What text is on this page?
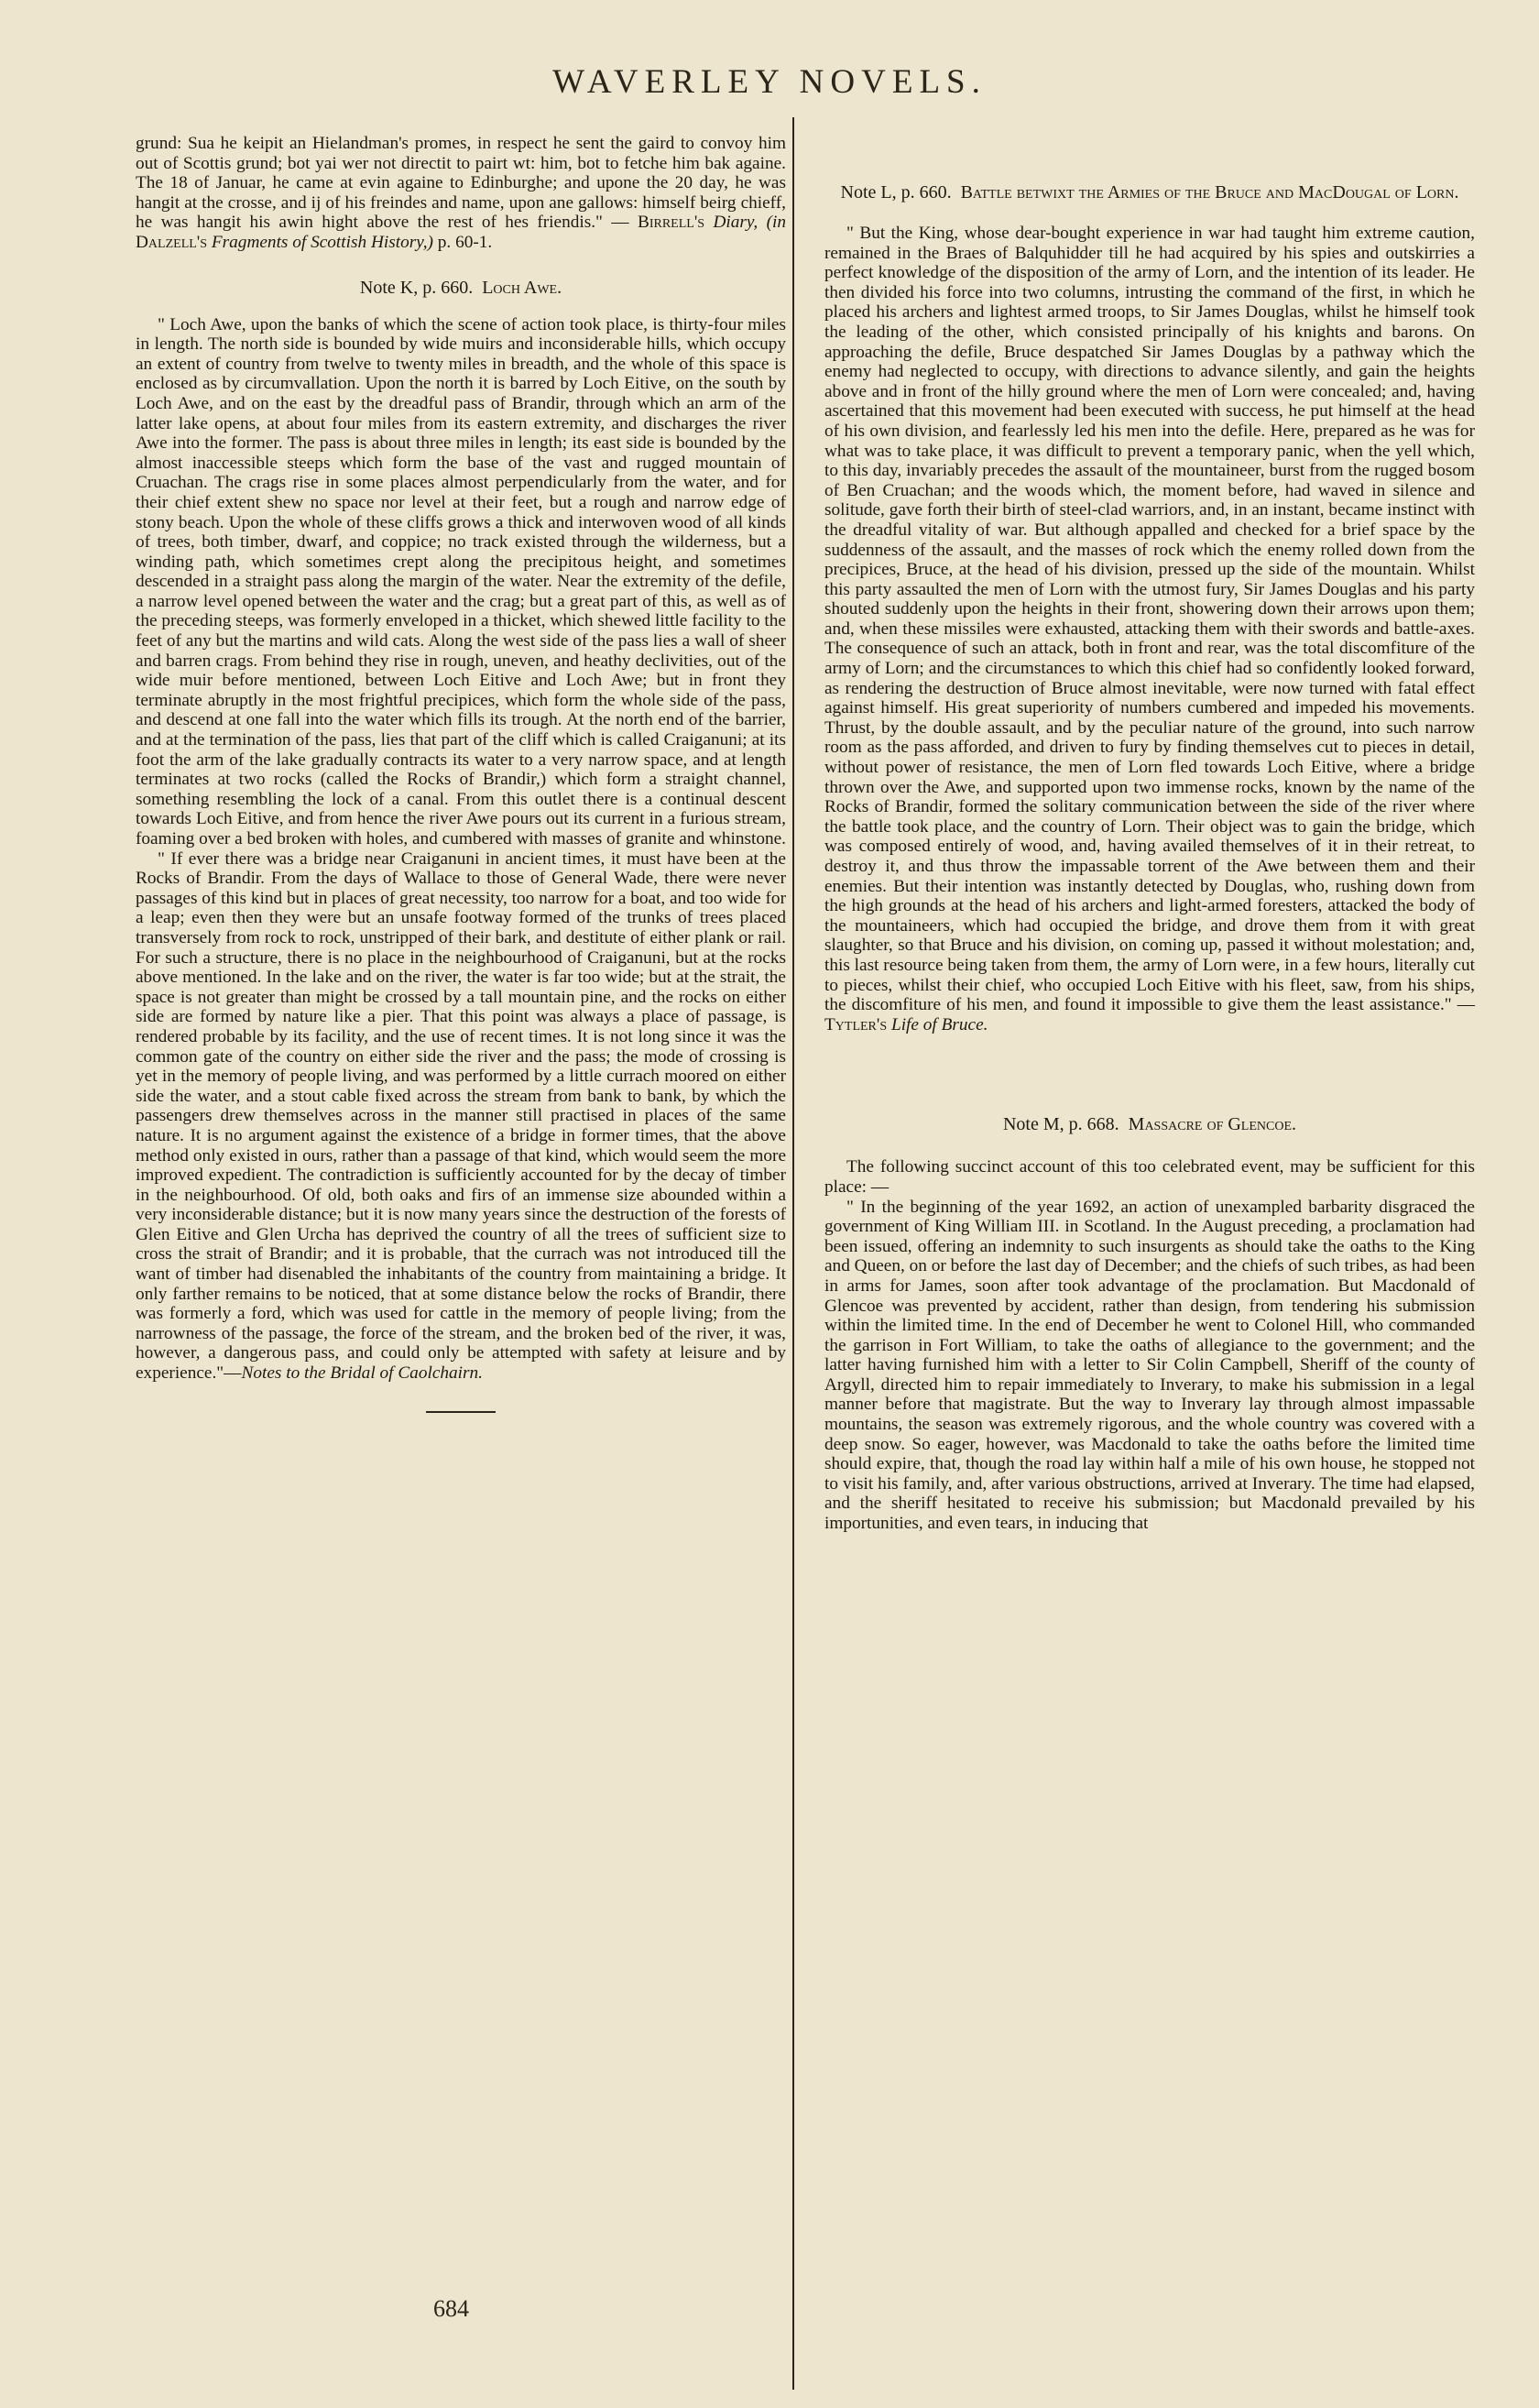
WAVERLEY NOVELS.

grund: Sua he keipit an Hielandman's promes, in respect he sent the gaird to convoy him out of Scottis grund; bot yai wer not directit to pairt wt: him, bot to fetche him bak againe. The 18 of Januar, he came at evin againe to Edinburghe; and upone the 20 day, he was hangit at the crosse, and ij of his freindes and name, upon ane gallows: himself beirg chieff, he was hangit his awin hight above the rest of hes friendis." — Birrell's Diary, (in Dalzell's Fragments of Scottish History,) p. 60-1.

Note K, p. 660. Loch Awe.

" Loch Awe, upon the banks of which the scene of action took place, is thirty-four miles in length. The north side is bounded by wide muirs and inconsiderable hills, which occupy an extent of country from twelve to twenty miles in breadth, and the whole of this space is enclosed as by circumvallation. Upon the north it is barred by Loch Eitive, on the south by Loch Awe, and on the east by the dreadful pass of Brandir, through which an arm of the latter lake opens, at about four miles from its eastern extremity, and discharges the river Awe into the former. The pass is about three miles in length; its east side is bounded by the almost inaccessible steeps which form the base of the vast and rugged mountain of Cruachan. The crags rise in some places almost perpendicularly from the water, and for their chief extent shew no space nor level at their feet, but a rough and narrow edge of stony beach. Upon the whole of these cliffs grows a thick and interwoven wood of all kinds of trees, both timber, dwarf, and coppice; no track existed through the wilderness, but a winding path, which sometimes crept along the precipitous height, and sometimes descended in a straight pass along the margin of the water. Near the extremity of the defile, a narrow level opened between the water and the crag; but a great part of this, as well as of the preceding steeps, was formerly enveloped in a thicket, which shewed little facility to the feet of any but the martins and wild cats. Along the west side of the pass lies a wall of sheer and barren crags. From behind they rise in rough, uneven, and heathy declivities, out of the wide muir before mentioned, between Loch Eitive and Loch Awe; but in front they terminate abruptly in the most frightful precipices, which form the whole side of the pass, and descend at one fall into the water which fills its trough. At the north end of the barrier, and at the termination of the pass, lies that part of the cliff which is called Craiganuni; at its foot the arm of the lake gradually contracts its water to a very narrow space, and at length terminates at two rocks (called the Rocks of Brandir,) which form a straight channel, something resembling the lock of a canal. From this outlet there is a continual descent towards Loch Eitive, and from hence the river Awe pours out its current in a furious stream, foaming over a bed broken with holes, and cumbered with masses of granite and whinstone.

" If ever there was a bridge near Craiganuni in ancient times, it must have been at the Rocks of Brandir. From the days of Wallace to those of General Wade, there were never passages of this kind but in places of great necessity, too narrow for a boat, and too wide for a leap; even then they were but an unsafe footway formed of the trunks of trees placed transversely from rock to rock, unstripped of their bark, and destitute of either plank or rail. For such a structure, there is no place in the neighbourhood of Craiganuni, but at the rocks above mentioned. In the lake and on the river, the water is far too wide; but at the strait, the space is not greater than might be crossed by a tall mountain pine, and the rocks on either side are formed by nature like a pier. That this point was always a place of passage, is rendered probable by its facility, and the use of recent times. It is not long since it was the common gate of the country on either side the river and the pass; the mode of crossing is yet in the memory of people living, and was performed by a little currach moored on either side the water, and a stout cable fixed across the stream from bank to bank, by which the passengers drew themselves across in the manner still practised in places of the same nature. It is no argument against the existence of a bridge in former times, that the above method only existed in ours, rather than a passage of that kind, which would seem the more improved expedient. The contradiction is sufficiently accounted for by the decay of timber in the neighbourhood. Of old, both oaks and firs of an immense size abounded within a very inconsiderable distance; but it is now many years since the destruction of the forests of Glen Eitive and Glen Urcha has deprived the country of all the trees of sufficient size to cross the strait of Brandir; and it is probable, that the currach was not introduced till the want of timber had disenabled the inhabitants of the country from maintaining a bridge. It only farther remains to be noticed, that at some distance below the rocks of Brandir, there was formerly a ford, which was used for cattle in the memory of people living; from the narrowness of the passage, the force of the stream, and the broken bed of the river, it was, however, a dangerous pass, and could only be attempted with safety at leisure and by experience."—Notes to the Bridal of Caolchairn.

Note L, p. 660. Battle betwixt the Armies of the Bruce and MacDougal of Lorn.

" But the King, whose dear-bought experience in war had taught him extreme caution, remained in the Braes of Balquhidder till he had acquired by his spies and outskirries a perfect knowledge of the disposition of the army of Lorn, and the intention of its leader. He then divided his force into two columns, intrusting the command of the first, in which he placed his archers and lightest armed troops, to Sir James Douglas, whilst he himself took the leading of the other, which consisted principally of his knights and barons. On approaching the defile, Bruce despatched Sir James Douglas by a pathway which the enemy had neglected to occupy, with directions to advance silently, and gain the heights above and in front of the hilly ground where the men of Lorn were concealed; and, having ascertained that this movement had been executed with success, he put himself at the head of his own division, and fearlessly led his men into the defile. Here, prepared as he was for what was to take place, it was difficult to prevent a temporary panic, when the yell which, to this day, invariably precedes the assault of the mountaineer, burst from the rugged bosom of Ben Cruachan; and the woods which, the moment before, had waved in silence and solitude, gave forth their birth of steel-clad warriors, and, in an instant, became instinct with the dreadful vitality of war. But although appalled and checked for a brief space by the suddenness of the assault, and the masses of rock which the enemy rolled down from the precipices, Bruce, at the head of his division, pressed up the side of the mountain. Whilst this party assaulted the men of Lorn with the utmost fury, Sir James Douglas and his party shouted suddenly upon the heights in their front, showering down their arrows upon them; and, when these missiles were exhausted, attacking them with their swords and battle-axes. The consequence of such an attack, both in front and rear, was the total discomfiture of the army of Lorn; and the circumstances to which this chief had so confidently looked forward, as rendering the destruction of Bruce almost inevitable, were now turned with fatal effect against himself. His great superiority of numbers cumbered and impeded his movements. Thrust, by the double assault, and by the peculiar nature of the ground, into such narrow room as the pass afforded, and driven to fury by finding themselves cut to pieces in detail, without power of resistance, the men of Lorn fled towards Loch Eitive, where a bridge thrown over the Awe, and supported upon two immense rocks, known by the name of the Rocks of Brandir, formed the solitary communication between the side of the river where the battle took place, and the country of Lorn. Their object was to gain the bridge, which was composed entirely of wood, and, having availed themselves of it in their retreat, to destroy it, and thus throw the impassable torrent of the Awe between them and their enemies. But their intention was instantly detected by Douglas, who, rushing down from the high grounds at the head of his archers and light-armed foresters, attacked the body of the mountaineers, which had occupied the bridge, and drove them from it with great slaughter, so that Bruce and his division, on coming up, passed it without molestation; and, this last resource being taken from them, the army of Lorn were, in a few hours, literally cut to pieces, whilst their chief, who occupied Loch Eitive with his fleet, saw, from his ships, the discomfiture of his men, and found it impossible to give them the least assistance." — Tytler's Life of Bruce.

Note M, p. 668. Massacre of Glencoe.

The following succinct account of this too celebrated event, may be sufficient for this place: —

" In the beginning of the year 1692, an action of unexampled barbarity disgraced the government of King William III. in Scotland. In the August preceding, a proclamation had been issued, offering an indemnity to such insurgents as should take the oaths to the King and Queen, on or before the last day of December; and the chiefs of such tribes, as had been in arms for James, soon after took advantage of the proclamation. But Macdonald of Glencoe was prevented by accident, rather than design, from tendering his submission within the limited time. In the end of December he went to Colonel Hill, who commanded the garrison in Fort William, to take the oaths of allegiance to the government; and the latter having furnished him with a letter to Sir Colin Campbell, Sheriff of the county of Argyll, directed him to repair immediately to Inverary, to make his submission in a legal manner before that magistrate. But the way to Inverary lay through almost impassable mountains, the season was extremely rigorous, and the whole country was covered with a deep snow. So eager, however, was Macdonald to take the oaths before the limited time should expire, that, though the road lay within half a mile of his own house, he stopped not to visit his family, and, after various obstructions, arrived at Inverary. The time had elapsed, and the sheriff hesitated to receive his submission; but Macdonald prevailed by his importunities, and even tears, in inducing that

684
